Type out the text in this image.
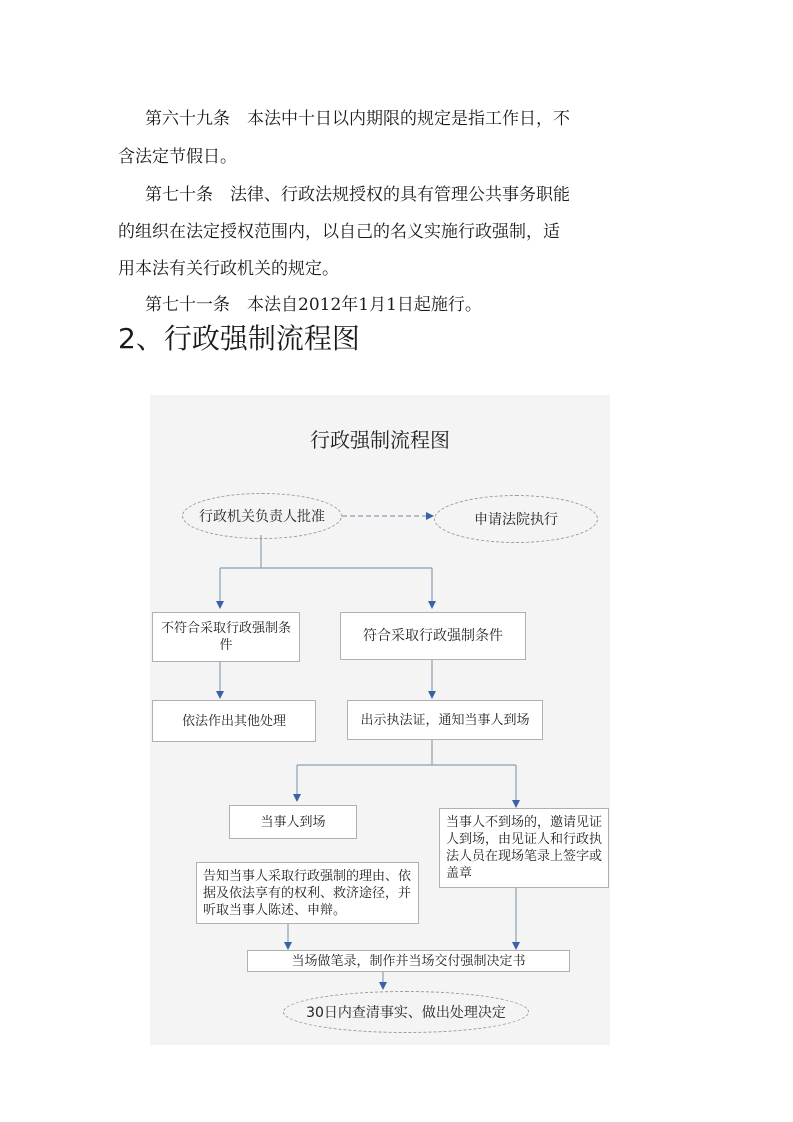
第六十九条　本法中十日以内期限的规定是指工作日，不
含法定节假日。
第七十条　法律、行政法规授权的具有管理公共事务职能
的组织在法定授权范围内，以自己的名义实施行政强制，适
用本法有关行政机关的规定。
第七十一条　本法自2012年1月1日起施行。
2、行政强制流程图
行政强制流程图
行政机关负责人批准	申请法院执行
不符合采取行政强制条件
符合采取行政强制条件
依法作出其他处理	出示执法证，通知当事人到场
当事人到场	当事人不到场的，邀请见证人到场，由见证人和行政执法人员在现场笔录上签字或盖章
告知当事人采取行政强制的理由、依据及依法享有的权利、救济途径，并听取当事人陈述、申辩。
当场做笔录，制作并当场交付强制决定书
30日内查清事实、做出处理决定
